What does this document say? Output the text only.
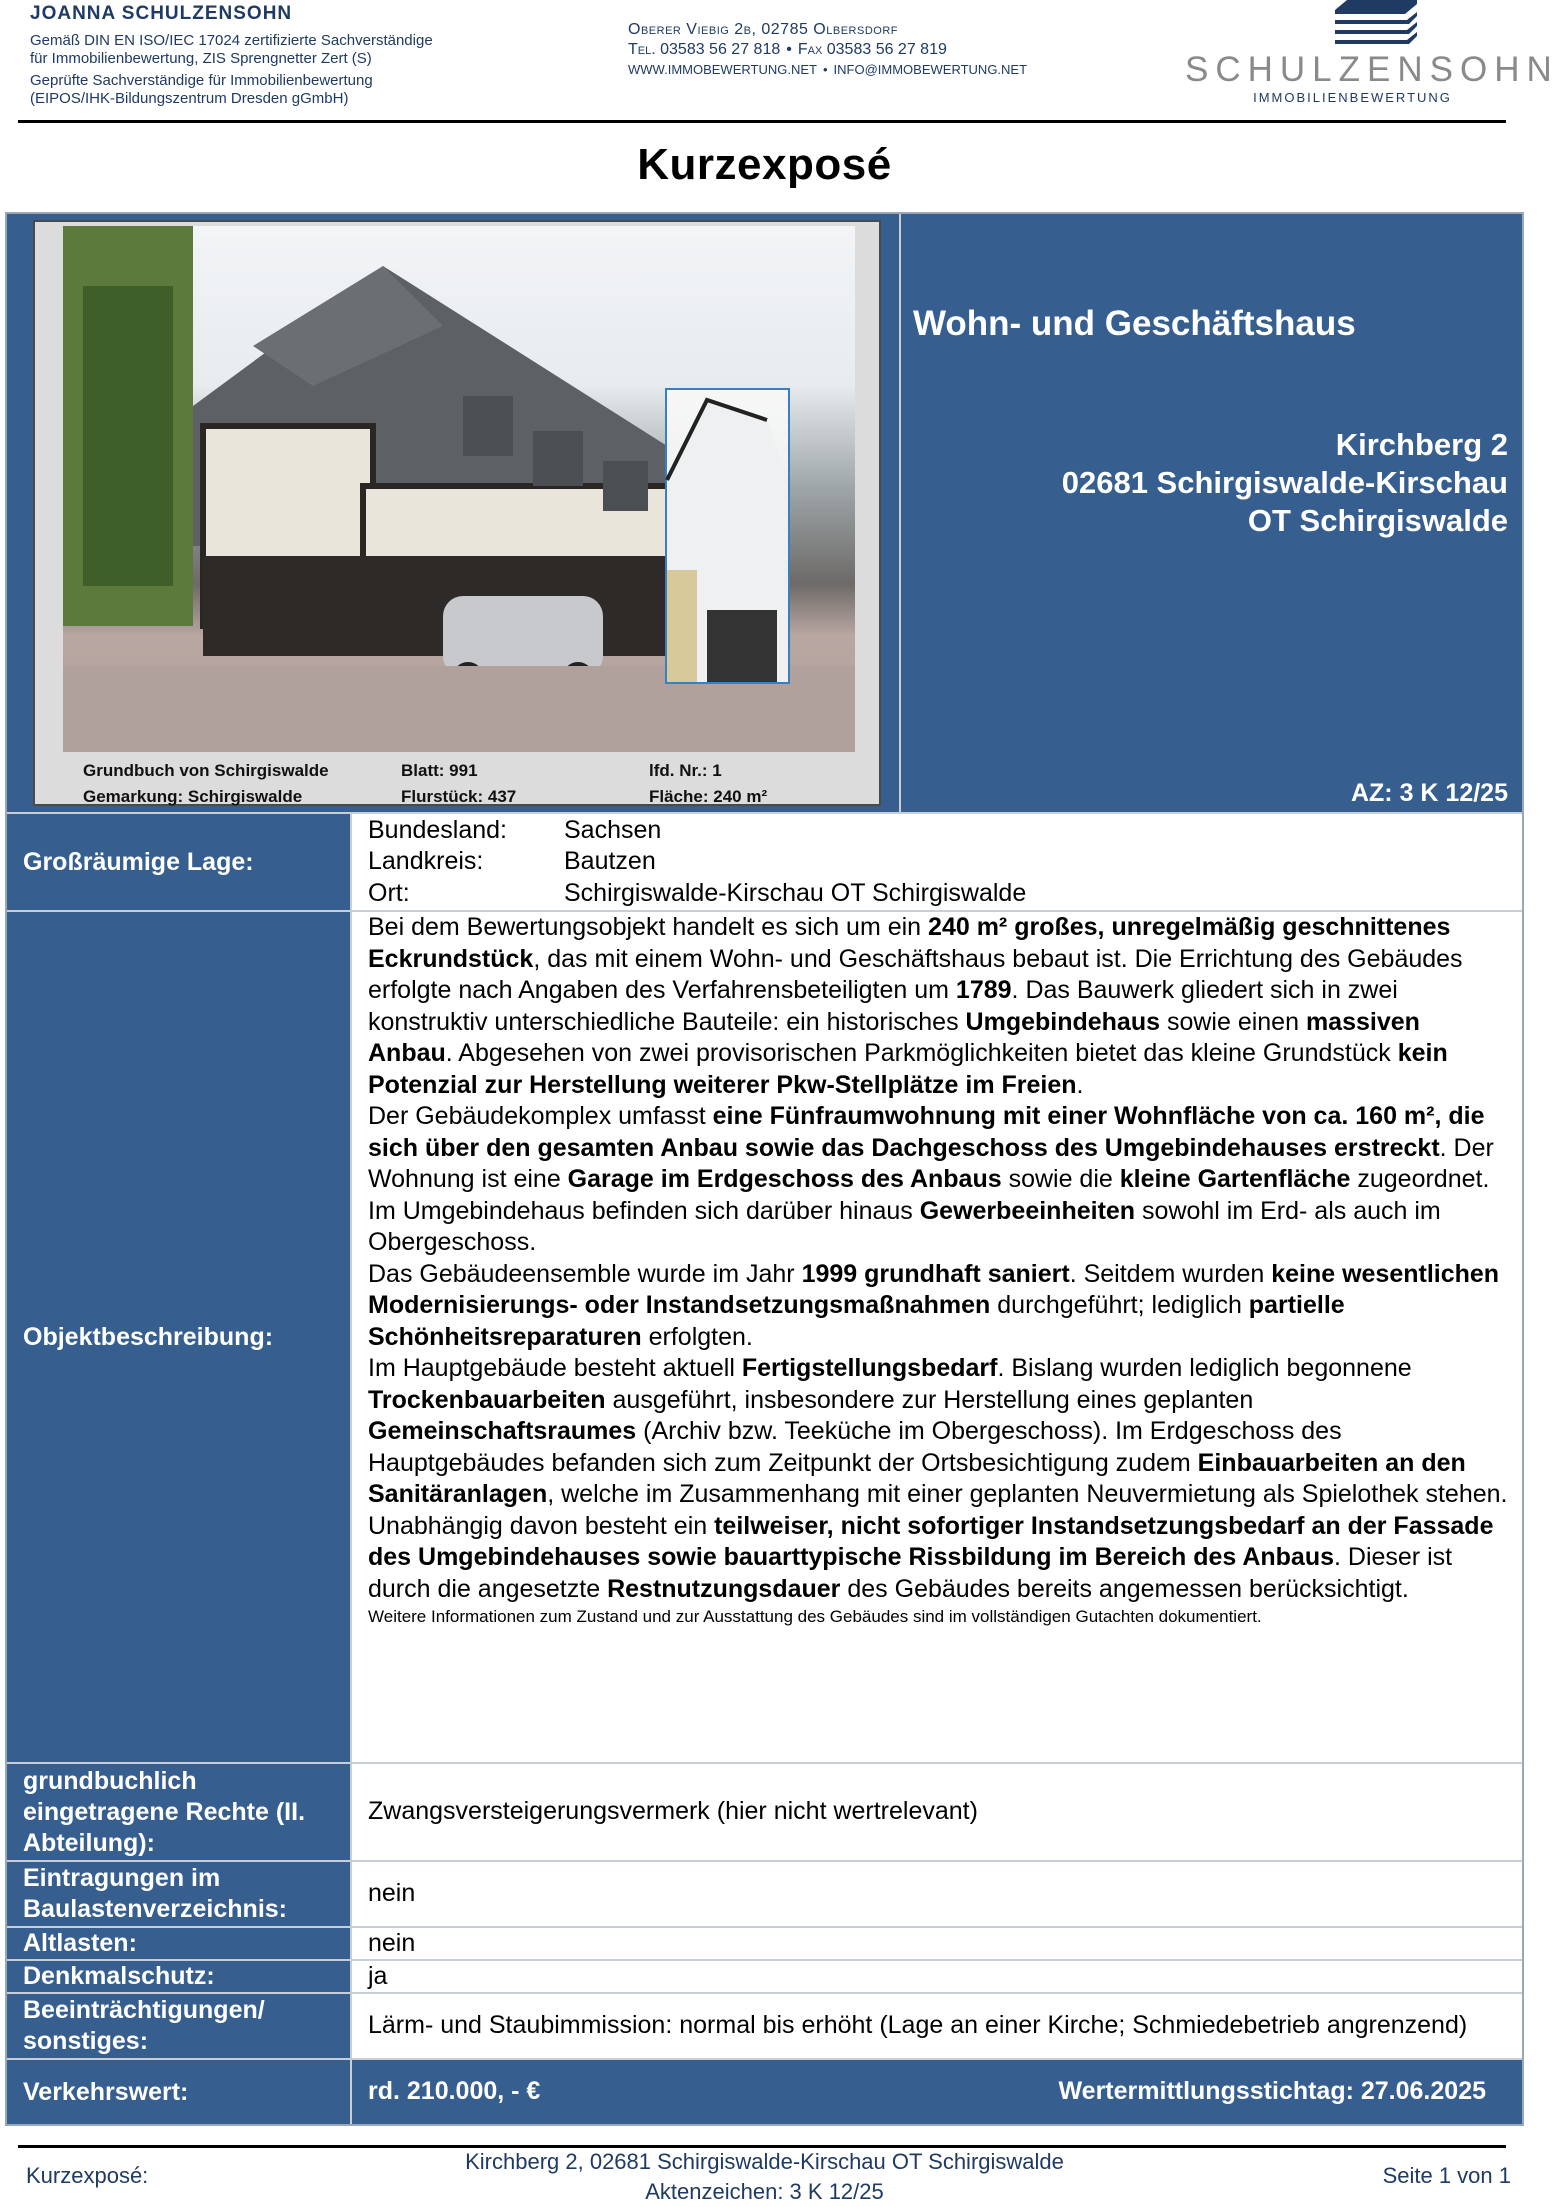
JOANNA SCHULZENSOHN
Gemäß DIN EN ISO/IEC 17024 zertifizierte Sachverständige
für Immobilienbewertung, ZIS Sprengnetter Zert (S)
Geprüfte Sachverständige für Immobilienbewertung
(EIPOS/IHK-Bildungszentrum Dresden gGmbH)
Oberer Viebig 2b, 02785 Olbersdorf
Tel. 03583 56 27 818 • Fax 03583 56 27 819
WWW.IMMOBEWERTUNG.NET • INFO@IMMOBEWERTUNG.NET	SCHULZENSOHN
IMMOBILIENBEWERTUNG
Kurzexposé
Grundbuch von Schirgiswalde	Blatt: 991	lfd. Nr.: 1
Gemarkung: Schirgiswalde	Flurstück: 437	Fläche: 240 m²
Wohn- und Geschäftshaus
Kirchberg 2
02681 Schirgiswalde-Kirschau
OT Schirgiswalde
AZ: 3 K 12/25
Großräumige Lage:
Bundesland:	Sachsen
Landkreis:	Bautzen
Ort:	Schirgiswalde-Kirschau OT Schirgiswalde
Objektbeschreibung:
Bei dem Bewertungsobjekt handelt es sich um ein 240 m² großes, unregelmäßig geschnittenes Eckrundstück, das mit einem Wohn- und Geschäftshaus bebaut ist. Die Errichtung des Gebäudes erfolgte nach Angaben des Verfahrensbeteiligten um 1789. Das Bauwerk gliedert sich in zwei konstruktiv unterschiedliche Bauteile: ein historisches Umgebindehaus sowie einen massiven Anbau. Abgesehen von zwei provisorischen Parkmöglichkeiten bietet das kleine Grundstück kein Potenzial zur Herstellung weiterer Pkw-Stellplätze im Freien.
Der Gebäudekomplex umfasst eine Fünfraumwohnung mit einer Wohnfläche von ca. 160 m², die sich über den gesamten Anbau sowie das Dachgeschoss des Umgebindehauses erstreckt. Der Wohnung ist eine Garage im Erdgeschoss des Anbaus sowie die kleine Gartenfläche zugeordnet.
Im Umgebindehaus befinden sich darüber hinaus Gewerbeeinheiten sowohl im Erd- als auch im Obergeschoss.
Das Gebäudeensemble wurde im Jahr 1999 grundhaft saniert. Seitdem wurden keine wesentlichen Modernisierungs- oder Instandsetzungsmaßnahmen durchgeführt; lediglich partielle Schönheitsreparaturen erfolgten.
Im Hauptgebäude besteht aktuell Fertigstellungsbedarf. Bislang wurden lediglich begonnene Trockenbauarbeiten ausgeführt, insbesondere zur Herstellung eines geplanten Gemeinschaftsraumes (Archiv bzw. Teeküche im Obergeschoss). Im Erdgeschoss des Hauptgebäudes befanden sich zum Zeitpunkt der Ortsbesichtigung zudem Einbauarbeiten an den Sanitäranlagen, welche im Zusammenhang mit einer geplanten Neuvermietung als Spielothek stehen.
Unabhängig davon besteht ein teilweiser, nicht sofortiger Instandsetzungsbedarf an der Fassade des Umgebindehauses sowie bauarttypische Rissbildung im Bereich des Anbaus. Dieser ist durch die angesetzte Restnutzungsdauer des Gebäudes bereits angemessen berücksichtigt.
Weitere Informationen zum Zustand und zur Ausstattung des Gebäudes sind im vollständigen Gutachten dokumentiert.
grundbuchlich eingetragene Rechte (II. Abteilung):
Zwangsversteigerungsvermerk (hier nicht wertrelevant)
Eintragungen im Baulastenverzeichnis:
nein
Altlasten:	nein
Denkmalschutz:	ja
Beeinträchtigungen/ sonstiges:
Lärm- und Staubimmission: normal bis erhöht (Lage an einer Kirche; Schmiedebetrieb angrenzend)
Verkehrswert:	rd. 210.000, - €	Wertermittlungsstichtag: 27.06.2025
Kurzexposé:
Kirchberg 2, 02681 Schirgiswalde-Kirschau OT Schirgiswalde
Aktenzeichen: 3 K 12/25
Seite 1 von 1
